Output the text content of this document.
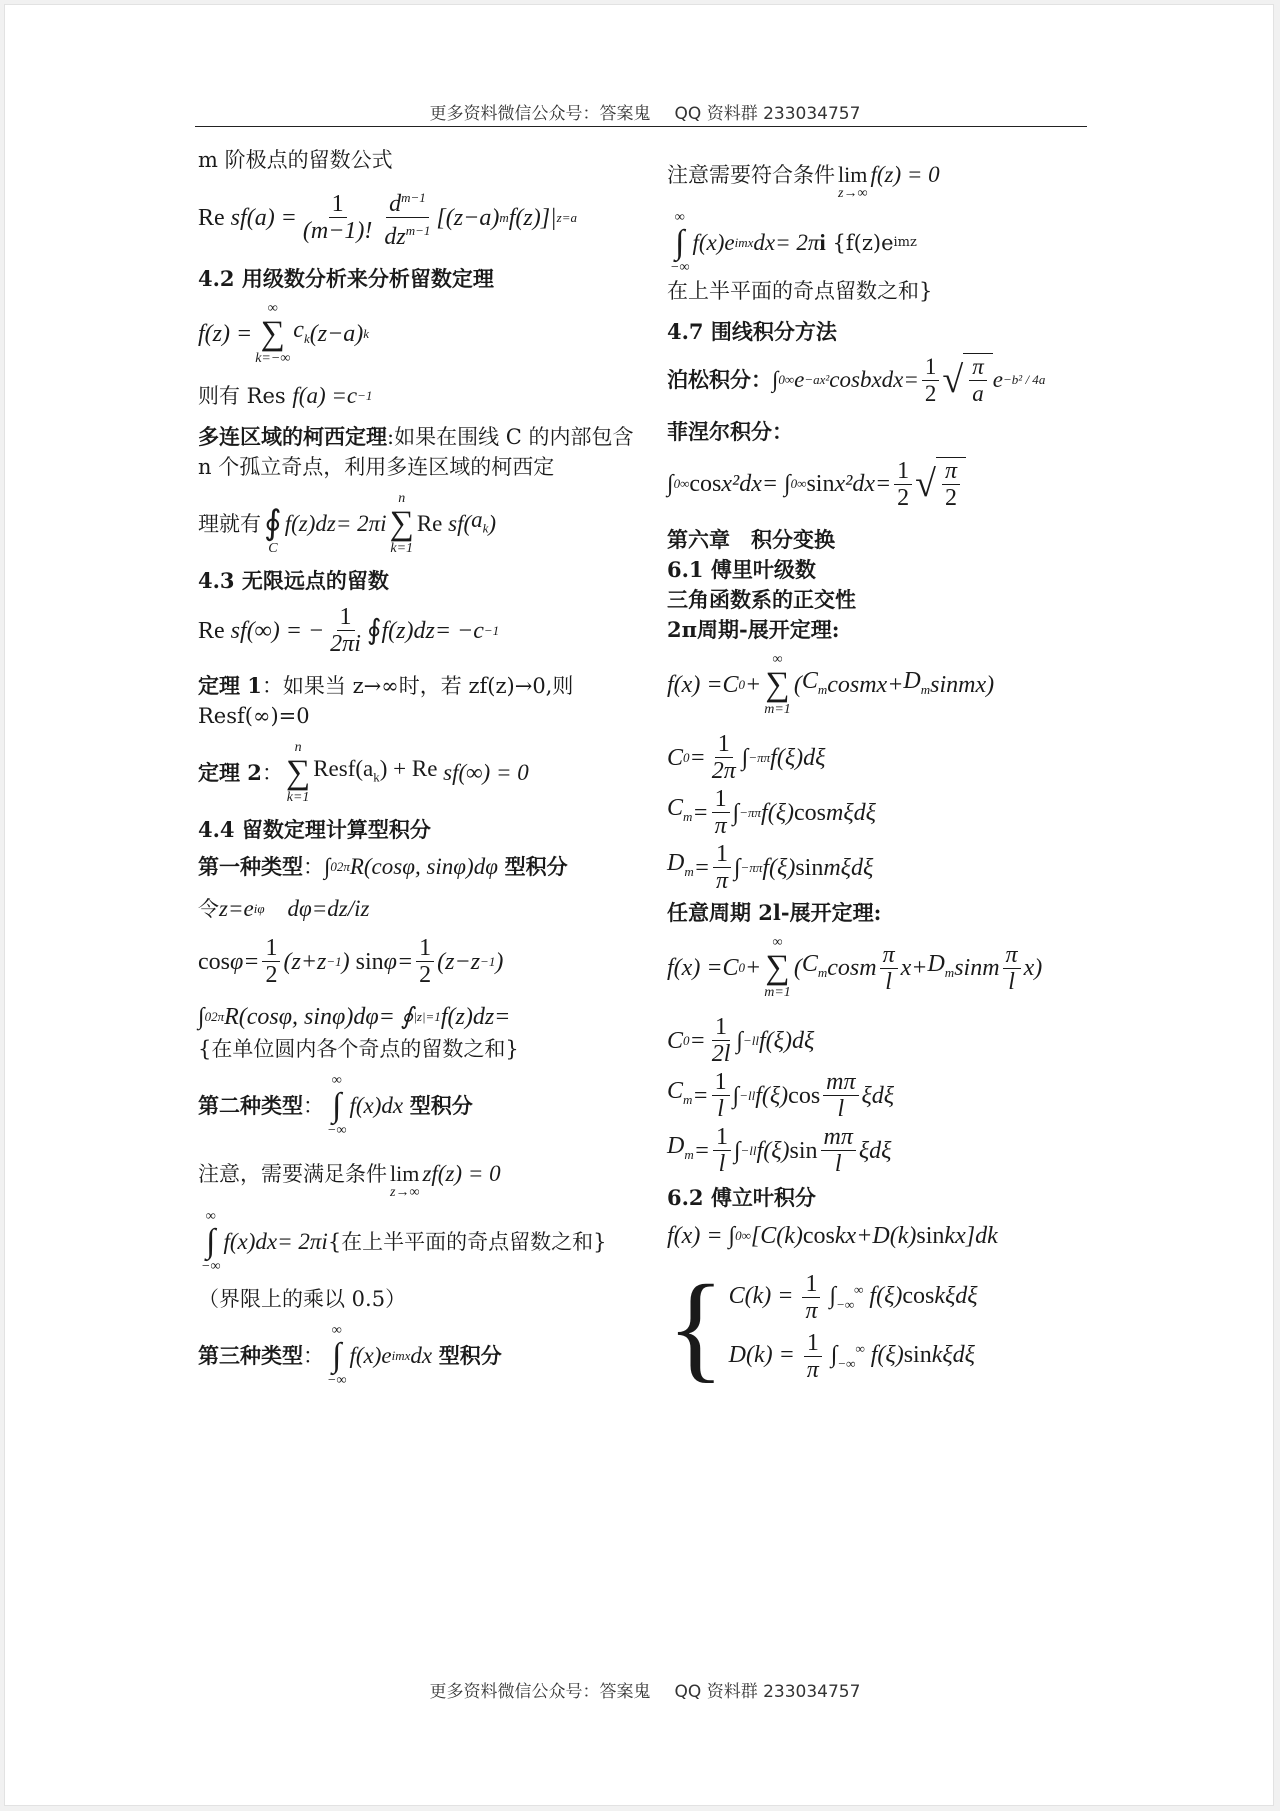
更多资料微信公众号：答案鬼 QQ 资料群 233034757
m 阶极点的留数公式
Re
sf ( a ) = $\frac{1}{(m-1)!} \frac{d^{m-1}}{dz^{m-1}}$ [( z − a ) m f ( z )]| z=a
4.2 用级数分析来分析留数定理
f ( z ) =
∞
∑
k=−∞
$c_k$ ( z − a ) k
则有 Res
f ( a ) = c −1
多连区域的柯西定理:如果在围线 C 的内部包含 n 个孤立奇点，利用多连区域的柯西定
理就有
∮
C
f ( z ) dz = 2 πi
n
∑
k=1
Re
sf ( $a_k$ )
4.3 无限远点的留数
Re
sf (∞) = − $\frac{1}{2\pi i}$ ∮ f ( z ) dz = − c −1
定理 1：如果当 z→∞时，若 zf(z)→0,则 Resf(∞)=0
定理 2 ：
n
∑
k=1
$Resf(a_k) + Re$
sf (∞) = 0
4.4 留数定理计算型积分
第一种类型 ： ∫ 0 2π R (cos φ , sin φ ) dφ
型积分
令 z = e iφ
dφ = dz / iz
$\cos \varphi = \frac{1}{2}$ ( z + z −1 ) $\sin \varphi = \frac{1}{2}$ ( z − z −1 )
∫ 0 2π R (cos φ , sin φ ) dφ = ∮ |z|=1 f ( z ) dz =
{在单位圆内各个奇点的留数之和}
第二种类型 ：
∞
∫
−∞
f ( x ) dx
型积分
注意，需要满足条件
lim
z→∞
zf ( z ) = 0
∞
∫
−∞
f ( x ) dx = 2 πi {在上半平面的奇点留数之和}
（界限上的乘以 0.5）
第三种类型 ：
∞
∫
−∞
f ( x ) e imx dx
型积分
注意需要符合条件
lim
z→∞
f ( z ) = 0
∞
∫
−∞
f ( x ) e imx dx = 2 π i
{f(z)e imz
在上半平面的奇点留数之和}
4.7 围线积分方法
泊松积分： ∫ 0 ∞ e −ax² cos bxdx = $\frac{1}{2}$ √ $\frac{\pi}{a}$ e −b² / 4a
菲涅尔积分：
∫ 0 ∞ cos x ² dx = ∫ 0 ∞ sin x ² dx = $\frac{1}{2}$ √ $\frac{\pi}{2}$
第六章　积分变换
6.1 傅里叶级数
三角函数系的正交性
2π周期-展开定理:
f ( x ) = C 0 +
∞
∑
m=1
( $C_m$ cos mx + $D_m$ sin mx )
C $0 = \frac{1}{2\pi}$ ∫ −π π f ( ξ ) dξ
$C_m = \frac{1}{\pi}$ ∫ −π π f ( ξ ) cos mξdξ
$D_m = \frac{1}{\pi}$ ∫ −π π f ( ξ ) sin mξdξ
任意周期 2l-展开定理:
f ( x ) = C 0 +
∞
∑
m=1
( $C_m$ cos m $\frac{\pi}{l}$ $x + D_m$ sin m $\frac{\pi}{l}$ x )
C $0 = \frac{1}{2l}$ ∫ −l l f ( ξ ) dξ
$C_m = \frac{1}{l}$ ∫ −l l f ( ξ ) $\cos \frac{m\pi}{l}$ ξdξ
$D_m = \frac{1}{l}$ ∫ −l l f ( ξ ) $\sin \frac{m\pi}{l}$ ξdξ
6.2 傅立叶积分
f ( x ) = ∫ 0 ∞ [ C ( k ) cos kx + D ( k ) sin kx ] dk
{ $C(k) = \frac{1}{\pi} \int_{-\infty}^\infty$ f(ξ)coskξdξ
$D(k) = \frac{1}{\pi} \int_{-\infty}^\infty$ f(ξ)sinkξdξ
更多资料微信公众号：答案鬼 QQ 资料群 233034757
